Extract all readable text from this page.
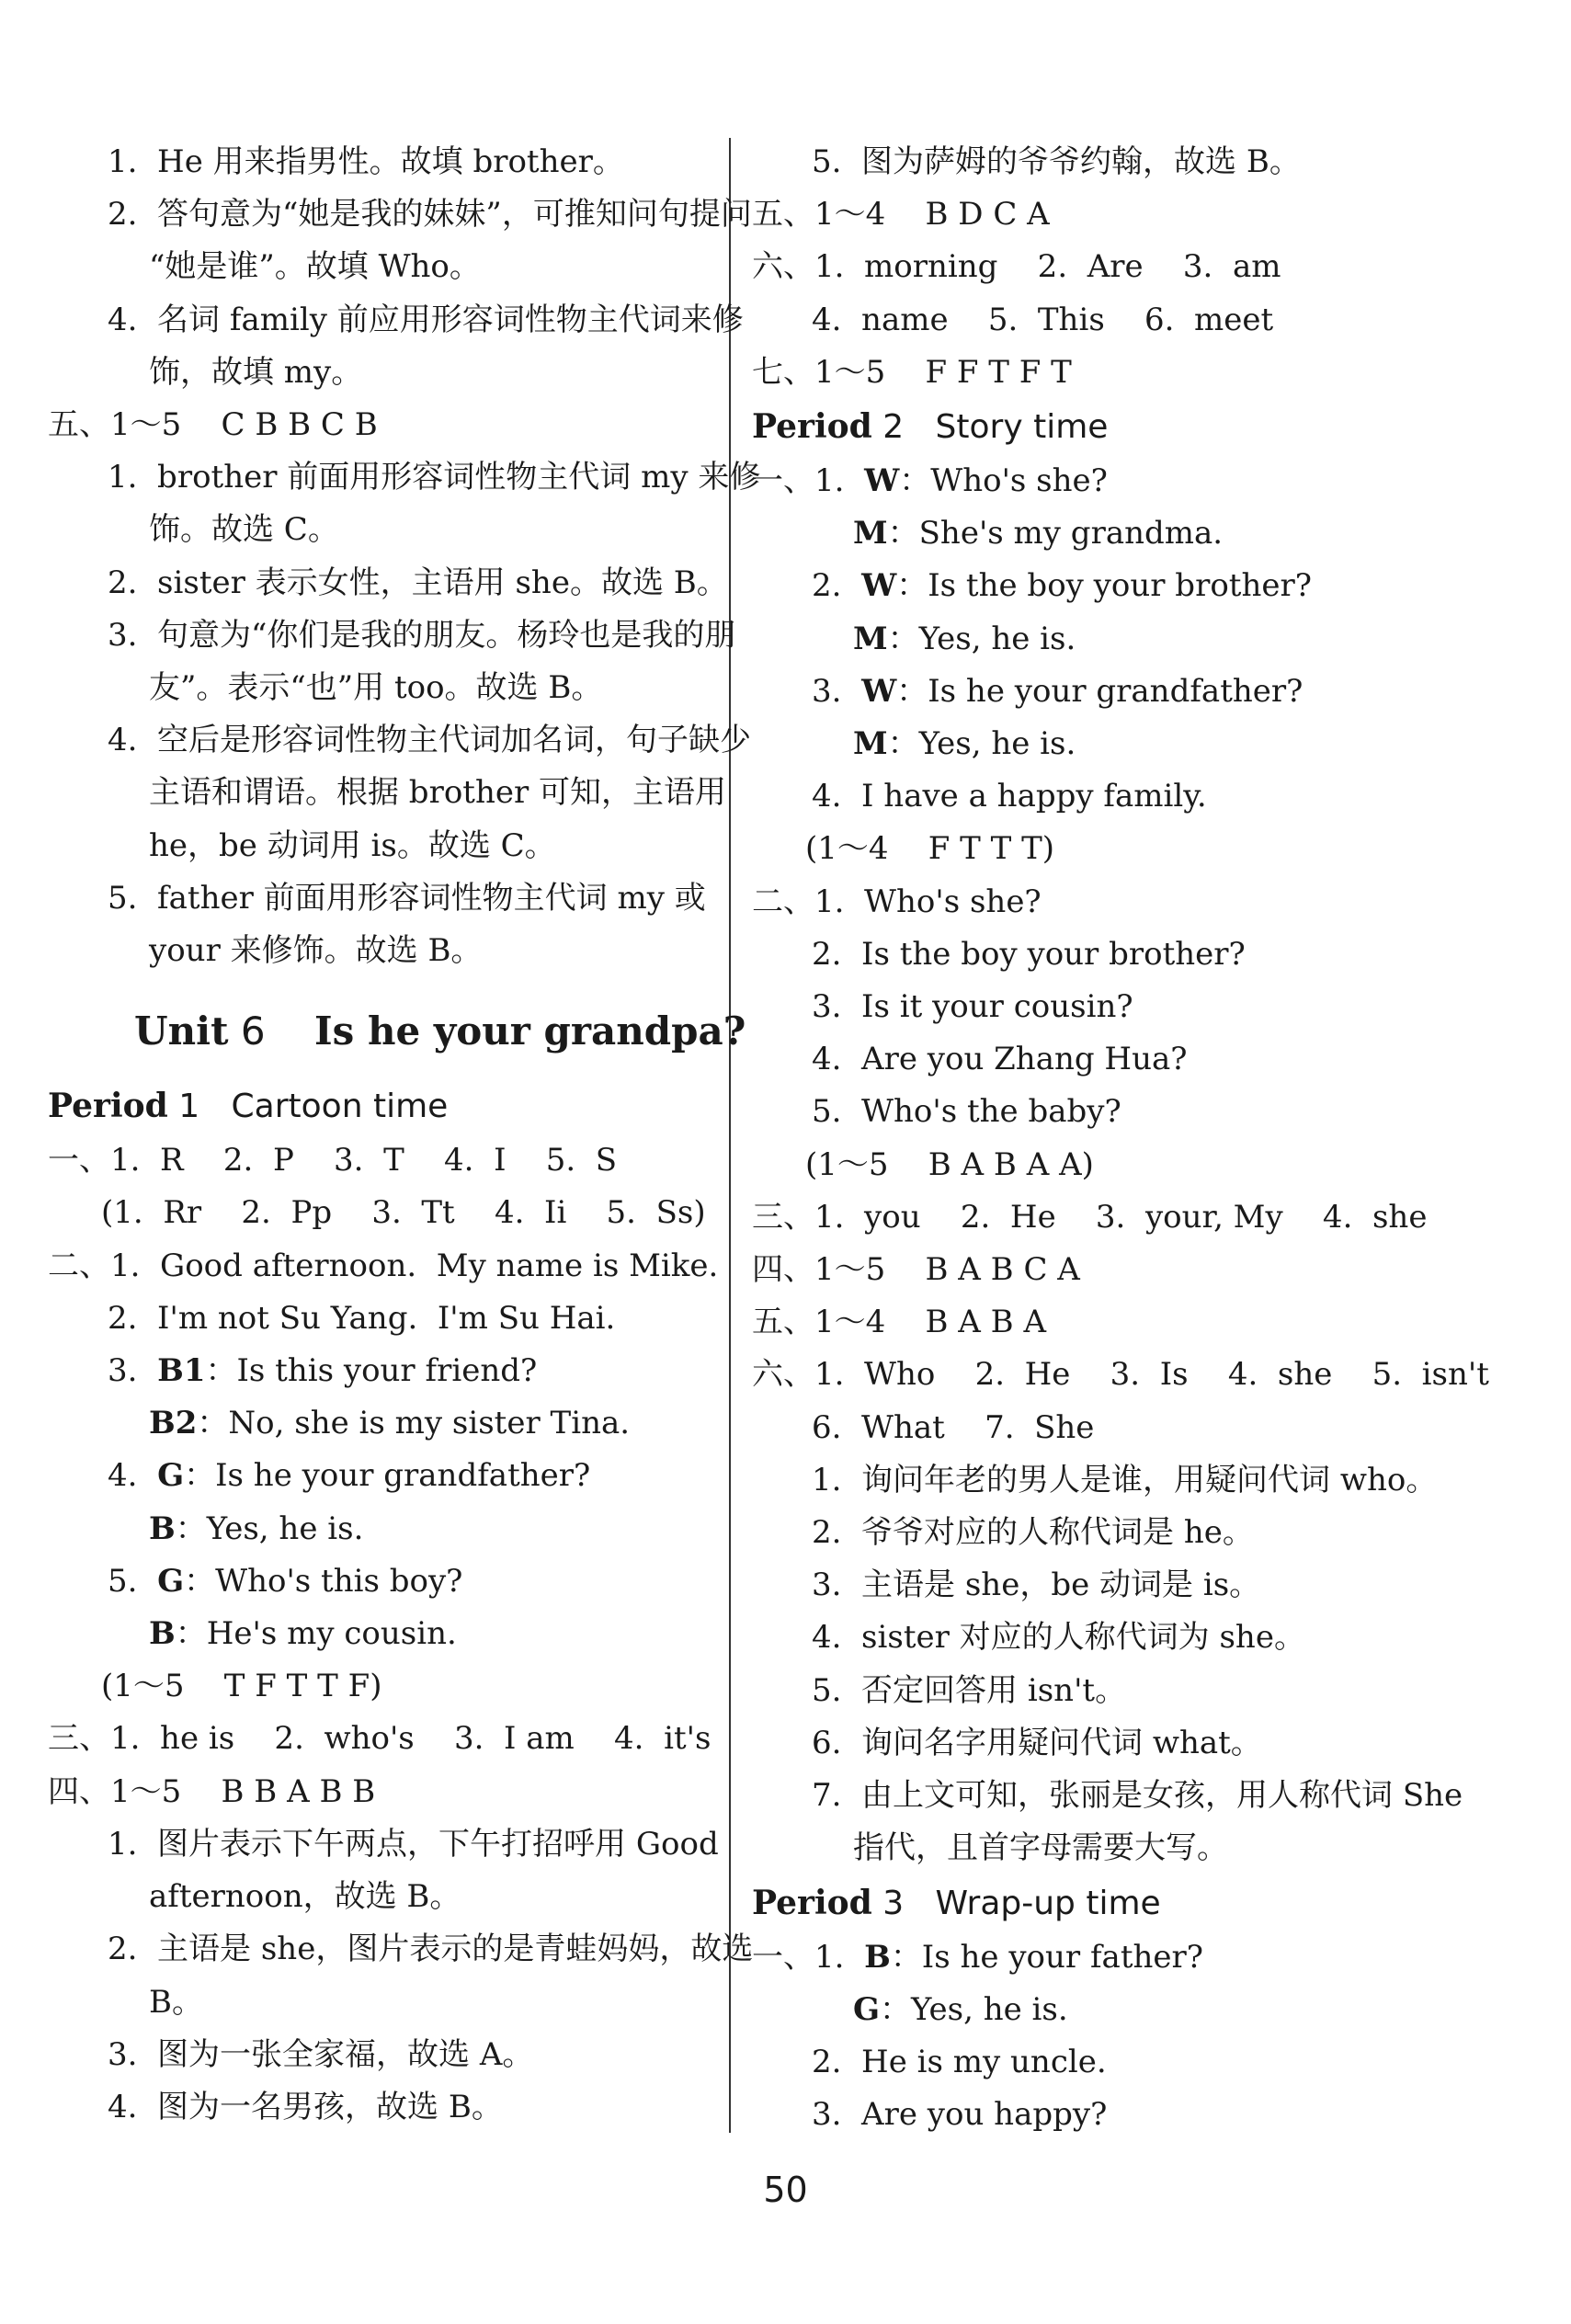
1.  He 用来指男性。故填 brother。
2.  答句意为“她是我的妹妹”，可推知问句提问
“她是谁”。故填 Who。
4.  名词 family 前应用形容词性物主代词来修
饰，故填 my。
五、1～5    C B B C B
1.  brother 前面用形容词性物主代词 my 来修
饰。故选 C。
2.  sister 表示女性，主语用 she。故选 B。
3.  句意为“你们是我的朋友。杨玲也是我的朋
友”。表示“也”用 too。故选 B。
4.  空后是形容词性物主代词加名词，句子缺少
主语和谓语。根据 brother 可知，主语用
he，be 动词用 is。故选 C。
5.  father 前面用形容词性物主代词 my 或
your 来修饰。故选 B。
Unit 6 Is he your grandpa?
Period 1 Cartoon time
一、1.  R    2.  P    3.  T    4.  I    5.  S
(1.  Rr    2.  Pp    3.  Tt    4.  Ii    5.  Ss)
二、1.  Good afternoon.  My name is Mike.
2.  I'm not Su Yang.  I'm Su Hai.
3. B1：Is this your friend?
B2：No, she is my sister Tina.
4. G：Is he your grandfather?
B：Yes, he is.
5. G：Who's this boy?
B：He's my cousin.
(1～5    T F T T F)
三、1.  he is    2.  who's    3.  I am    4.  it's
四、1～5    B B A B B
1.  图片表示下午两点，下午打招呼用 Good
afternoon，故选 B。
2.  主语是 she，图片表示的是青蛙妈妈，故选
B。
3.  图为一张全家福，故选 A。
4.  图为一名男孩，故选 B。
5.  图为萨姆的爷爷约翰，故选 B。
五、1～4    B D C A
六、1.  morning    2.  Are    3.  am
4.  name    5.  This    6.  meet
七、1～5    F F T F T
Period 2 Story time
一、1.  W：Who's she?
M：She's my grandma.
2.  W：Is the boy your brother?
M：Yes, he is.
3.  W：Is he your grandfather?
M：Yes, he is.
4.  I have a happy family.
(1～4    F T T T)
二、1.  Who's she?
2.  Is the boy your brother?
3.  Is it your cousin?
4.  Are you Zhang Hua?
5.  Who's the baby?
(1～5    B A B A A)
三、1.  you    2.  He    3.  your, My    4.  she
四、1～5    B A B C A
五、1～4    B A B A
六、1.  Who    2.  He    3.  Is    4.  she    5.  isn't
6.  What    7.  She
1.  询问年老的男人是谁，用疑问代词 who。
2.  爷爷对应的人称代词是 he。
3.  主语是 she，be 动词是 is。
4.  sister 对应的人称代词为 she。
5.  否定回答用 isn't。
6.  询问名字用疑问代词 what。
7.  由上文可知，张丽是女孩，用人称代词 She
指代，且首字母需要大写。
Period 3 Wrap-up time
一、1.  B：Is he your father?
G：Yes, he is.
2.  He is my uncle.
3.  Are you happy?
50
